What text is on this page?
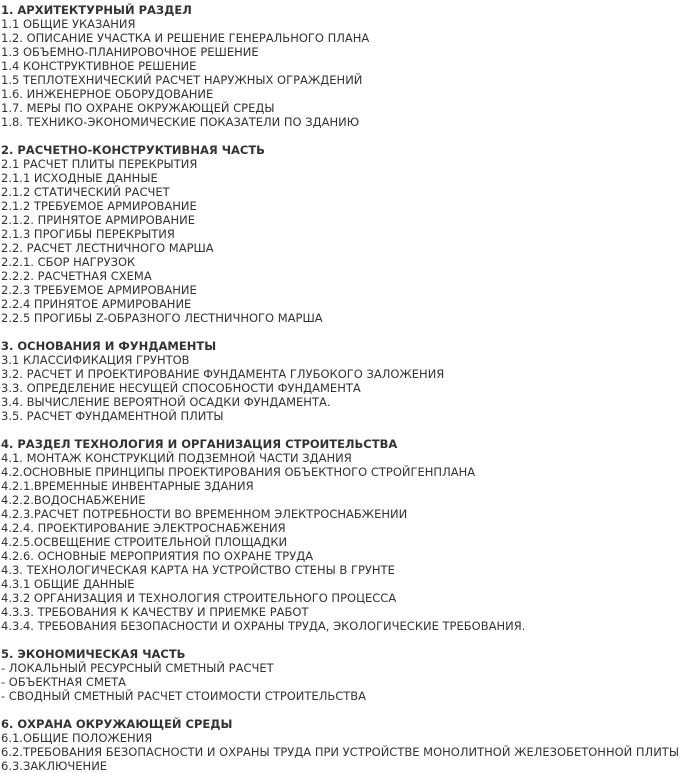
1. АРХИТЕКТУРНЫЙ РАЗДЕЛ
1.1 ОБЩИЕ УКАЗАНИЯ
1.2. ОПИСАНИЕ УЧАСТКА И РЕШЕНИЕ ГЕНЕРАЛЬНОГО ПЛАНА
1.3 ОБЪЕМНО-ПЛАНИРОВОЧНОЕ РЕШЕНИЕ
1.4 КОНСТРУКТИВНОЕ РЕШЕНИЕ
1.5 ТЕПЛОТЕХНИЧЕСКИЙ РАСЧЕТ НАРУЖНЫХ ОГРАЖДЕНИЙ
1.6. ИНЖЕНЕРНОЕ ОБОРУДОВАНИЕ
1.7. МЕРЫ ПО ОХРАНЕ ОКРУЖАЮЩЕЙ СРЕДЫ
1.8. ТЕХНИКО-ЭКОНОМИЧЕСКИЕ ПОКАЗАТЕЛИ ПО ЗДАНИЮ
2. РАСЧЕТНО-КОНСТРУКТИВНАЯ ЧАСТЬ
2.1 РАСЧЕТ ПЛИТЫ ПЕРЕКРЫТИЯ
2.1.1 ИСХОДНЫЕ ДАННЫЕ
2.1.2 СТАТИЧЕСКИЙ РАСЧЕТ
2.1.2 ТРЕБУЕМОЕ АРМИРОВАНИЕ
2.1.2. ПРИНЯТОЕ АРМИРОВАНИЕ
2.1.3 ПРОГИБЫ ПЕРЕКРЫТИЯ
2.2. РАСЧЕТ ЛЕСТНИЧНОГО МАРША
2.2.1. СБОР НАГРУЗОК
2.2.2. РАСЧЕТНАЯ СХЕМА
2.2.3 ТРЕБУЕМОЕ АРМИРОВАНИЕ
2.2.4 ПРИНЯТОЕ АРМИРОВАНИЕ
2.2.5 ПРОГИБЫ Z-ОБРАЗНОГО ЛЕСТНИЧНОГО МАРША
3. ОСНОВАНИЯ И ФУНДАМЕНТЫ
3.1 КЛАССИФИКАЦИЯ ГРУНТОВ
3.2. РАСЧЕТ И ПРОЕКТИРОВАНИЕ ФУНДАМЕНТА ГЛУБОКОГО ЗАЛОЖЕНИЯ
3.3. ОПРЕДЕЛЕНИЕ НЕСУЩЕЙ СПОСОБНОСТИ ФУНДАМЕНТА
3.4. ВЫЧИСЛЕНИЕ ВЕРОЯТНОЙ ОСАДКИ ФУНДАМЕНТА.
3.5. РАСЧЕТ ФУНДАМЕНТНОЙ ПЛИТЫ
4. РАЗДЕЛ ТЕХНОЛОГИЯ И ОРГАНИЗАЦИЯ СТРОИТЕЛЬСТВА
4.1. МОНТАЖ КОНСТРУКЦИЙ ПОДЗЕМНОЙ ЧАСТИ ЗДАНИЯ
4.2.ОСНОВНЫЕ ПРИНЦИПЫ ПРОЕКТИРОВАНИЯ ОБЪЕКТНОГО СТРОЙГЕНПЛАНА
4.2.1.ВРЕМЕННЫЕ ИНВЕНТАРНЫЕ ЗДАНИЯ
4.2.2.ВОДОСНАБЖЕНИЕ
4.2.3.РАСЧЕТ ПОТРЕБНОСТИ ВО ВРЕМЕННОМ ЭЛЕКТРОСНАБЖЕНИИ
4.2.4. ПРОЕКТИРОВАНИЕ ЭЛЕКТРОСНАБЖЕНИЯ
4.2.5.ОСВЕЩЕНИЕ СТРОИТЕЛЬНОЙ ПЛОЩАДКИ
4.2.6. ОСНОВНЫЕ МЕРОПРИЯТИЯ ПО ОХРАНЕ ТРУДА
4.3. ТЕХНОЛОГИЧЕСКАЯ КАРТА НА УСТРОЙСТВО СТЕНЫ В ГРУНТЕ
4.3.1 ОБЩИЕ ДАННЫЕ
4.3.2 ОРГАНИЗАЦИЯ И ТЕХНОЛОГИЯ СТРОИТЕЛЬНОГО ПРОЦЕССА
4.3.3. ТРЕБОВАНИЯ К КАЧЕСТВУ И ПРИЕМКЕ РАБОТ
4.3.4. ТРЕБОВАНИЯ БЕЗОПАСНОСТИ И ОХРАНЫ ТРУДА, ЭКОЛОГИЧЕСКИЕ ТРЕБОВАНИЯ.
5. ЭКОНОМИЧЕСКАЯ ЧАСТЬ
- ЛОКАЛЬНЫЙ РЕСУРСНЫЙ СМЕТНЫЙ РАСЧЕТ
- ОБЪЕКТНАЯ СМЕТА
- СВОДНЫЙ СМЕТНЫЙ РАСЧЕТ СТОИМОСТИ СТРОИТЕЛЬСТВА
6. ОХРАНА ОКРУЖАЮЩЕЙ СРЕДЫ
6.1.ОБЩИЕ ПОЛОЖЕНИЯ
6.2.ТРЕБОВАНИЯ БЕЗОПАСНОСТИ И ОХРАНЫ ТРУДА ПРИ УСТРОЙСТВЕ МОНОЛИТНОЙ ЖЕЛЕЗОБЕТОННОЙ ПЛИТЫ
6.3.ЗАКЛЮЧЕНИЕ
